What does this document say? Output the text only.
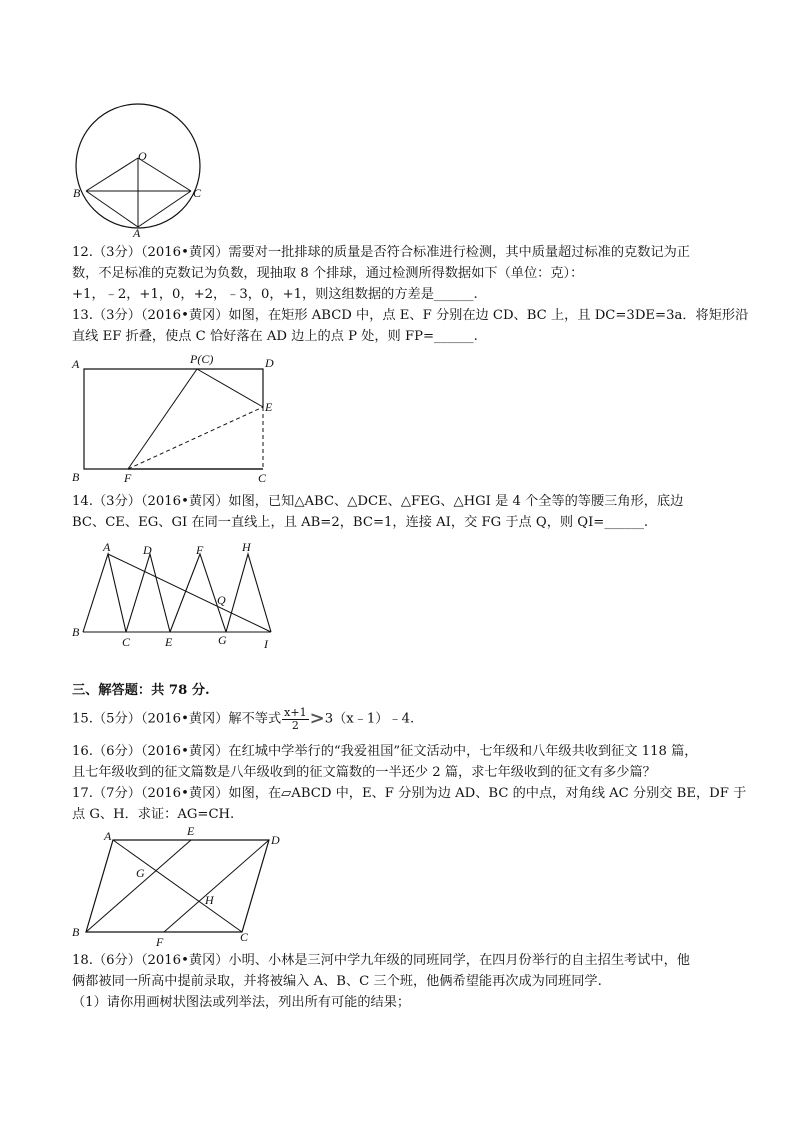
O
B	C
A
12.（3分）（2016•黄冈）需要对一批排球的质量是否符合标准进行检测，其中质量超过标准的克数记为正
数，不足标准的克数记为负数，现抽取 8 个排球，通过检测所得数据如下（单位：克）：
+1，﹣2，+1，0，+2，﹣3，0，+1，则这组数据的方差是______.
13.（3分）（2016•黄冈）如图，在矩形 ABCD 中，点 E、F 分别在边 CD、BC 上，且 DC=3DE=3a．将矩形沿
直线 EF 折叠，使点 C 恰好落在 AD 边上的点 P 处，则 FP=______.
A	P(C)	D
E
B	F	C
14.（3分）（2016•黄冈）如图，已知△ABC、△DCE、△FEG、△HGI 是 4 个全等的等腰三角形，底边
BC、CE、EG、GI 在同一直线上，且 AB=2，BC=1，连接 AI，交 FG 于点 Q，则 QI=______.
A	D	F	H
Q
B
C	E	G	I
三、解答题：共 78 分.
15.（5分）（2016•黄冈）解不等式 $\frac{x+1}{2}$ >3（x﹣1）﹣4.
16.（6分）（2016•黄冈）在红城中学举行的“我爱祖国”征文活动中，七年级和八年级共收到征文 118 篇，
且七年级收到的征文篇数是八年级收到的征文篇数的一半还少 2 篇，求七年级收到的征文有多少篇？
17.（7分）（2016•黄冈）如图，在▱ABCD 中，E、F 分别为边 AD、BC 的中点，对角线 AC 分别交 BE，DF 于
点 G、H．求证：AG=CH.
A	E
D
G
H
B
F	C
18.（6分）（2016•黄冈）小明、小林是三河中学九年级的同班同学，在四月份举行的自主招生考试中，他
俩都被同一所高中提前录取，并将被编入 A、B、C 三个班，他俩希望能再次成为同班同学.
（1）请你用画树状图法或列举法，列出所有可能的结果；
